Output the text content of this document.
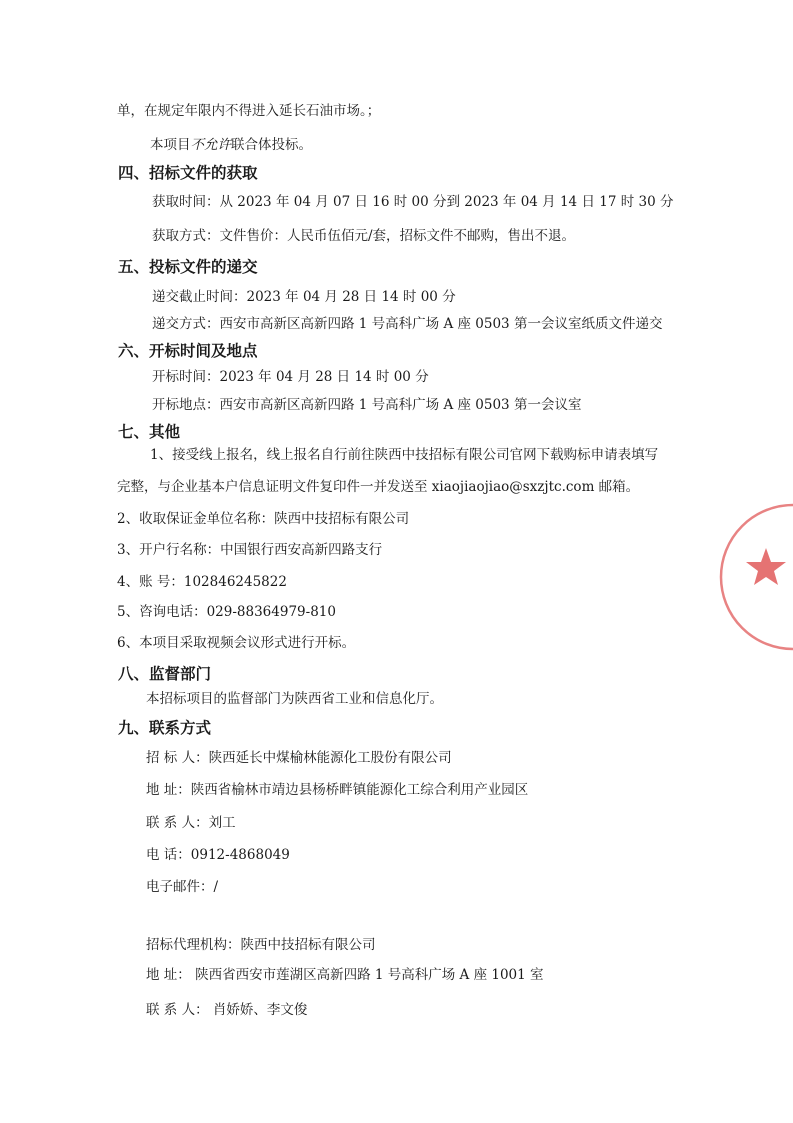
单，在规定年限内不得进入延长石油市场。；
本项目不允许联合体投标。
四、招标文件的获取
获取时间：从 2023 年 04 月 07 日 16 时 00 分到 2023 年 04 月 14 日 17 时 30 分
获取方式：文件售价：人民币伍佰元/套，招标文件不邮购，售出不退。
五、投标文件的递交
递交截止时间：2023 年 04 月 28 日 14 时 00 分
递交方式：西安市高新区高新四路 1 号高科广场 A 座 0503 第一会议室纸质文件递交
六、开标时间及地点
开标时间：2023 年 04 月 28 日 14 时 00 分
开标地点：西安市高新区高新四路 1 号高科广场 A 座 0503 第一会议室
七、其他
1、接受线上报名，线上报名自行前往陕西中技招标有限公司官网下载购标申请表填写
完整，与企业基本户信息证明文件复印件一并发送至 xiaojiaojiao@sxzjtc.com 邮箱。
2、收取保证金单位名称：陕西中技招标有限公司
3、开户行名称：中国银行西安高新四路支行
4、账 号：102846245822
5、咨询电话：029-88364979-810
6、本项目采取视频会议形式进行开标。
八、监督部门
本招标项目的监督部门为陕西省工业和信息化厅。
九、联系方式
招 标 人：陕西延长中煤榆林能源化工股份有限公司
地 址：陕西省榆林市靖边县杨桥畔镇能源化工综合利用产业园区
联 系 人：刘工
电 话：0912-4868049
电子邮件：/
招标代理机构：陕西中技招标有限公司
地 址： 陕西省西安市莲湖区高新四路 1 号高科广场 A 座 1001 室
联 系 人： 肖娇娇、李文俊
